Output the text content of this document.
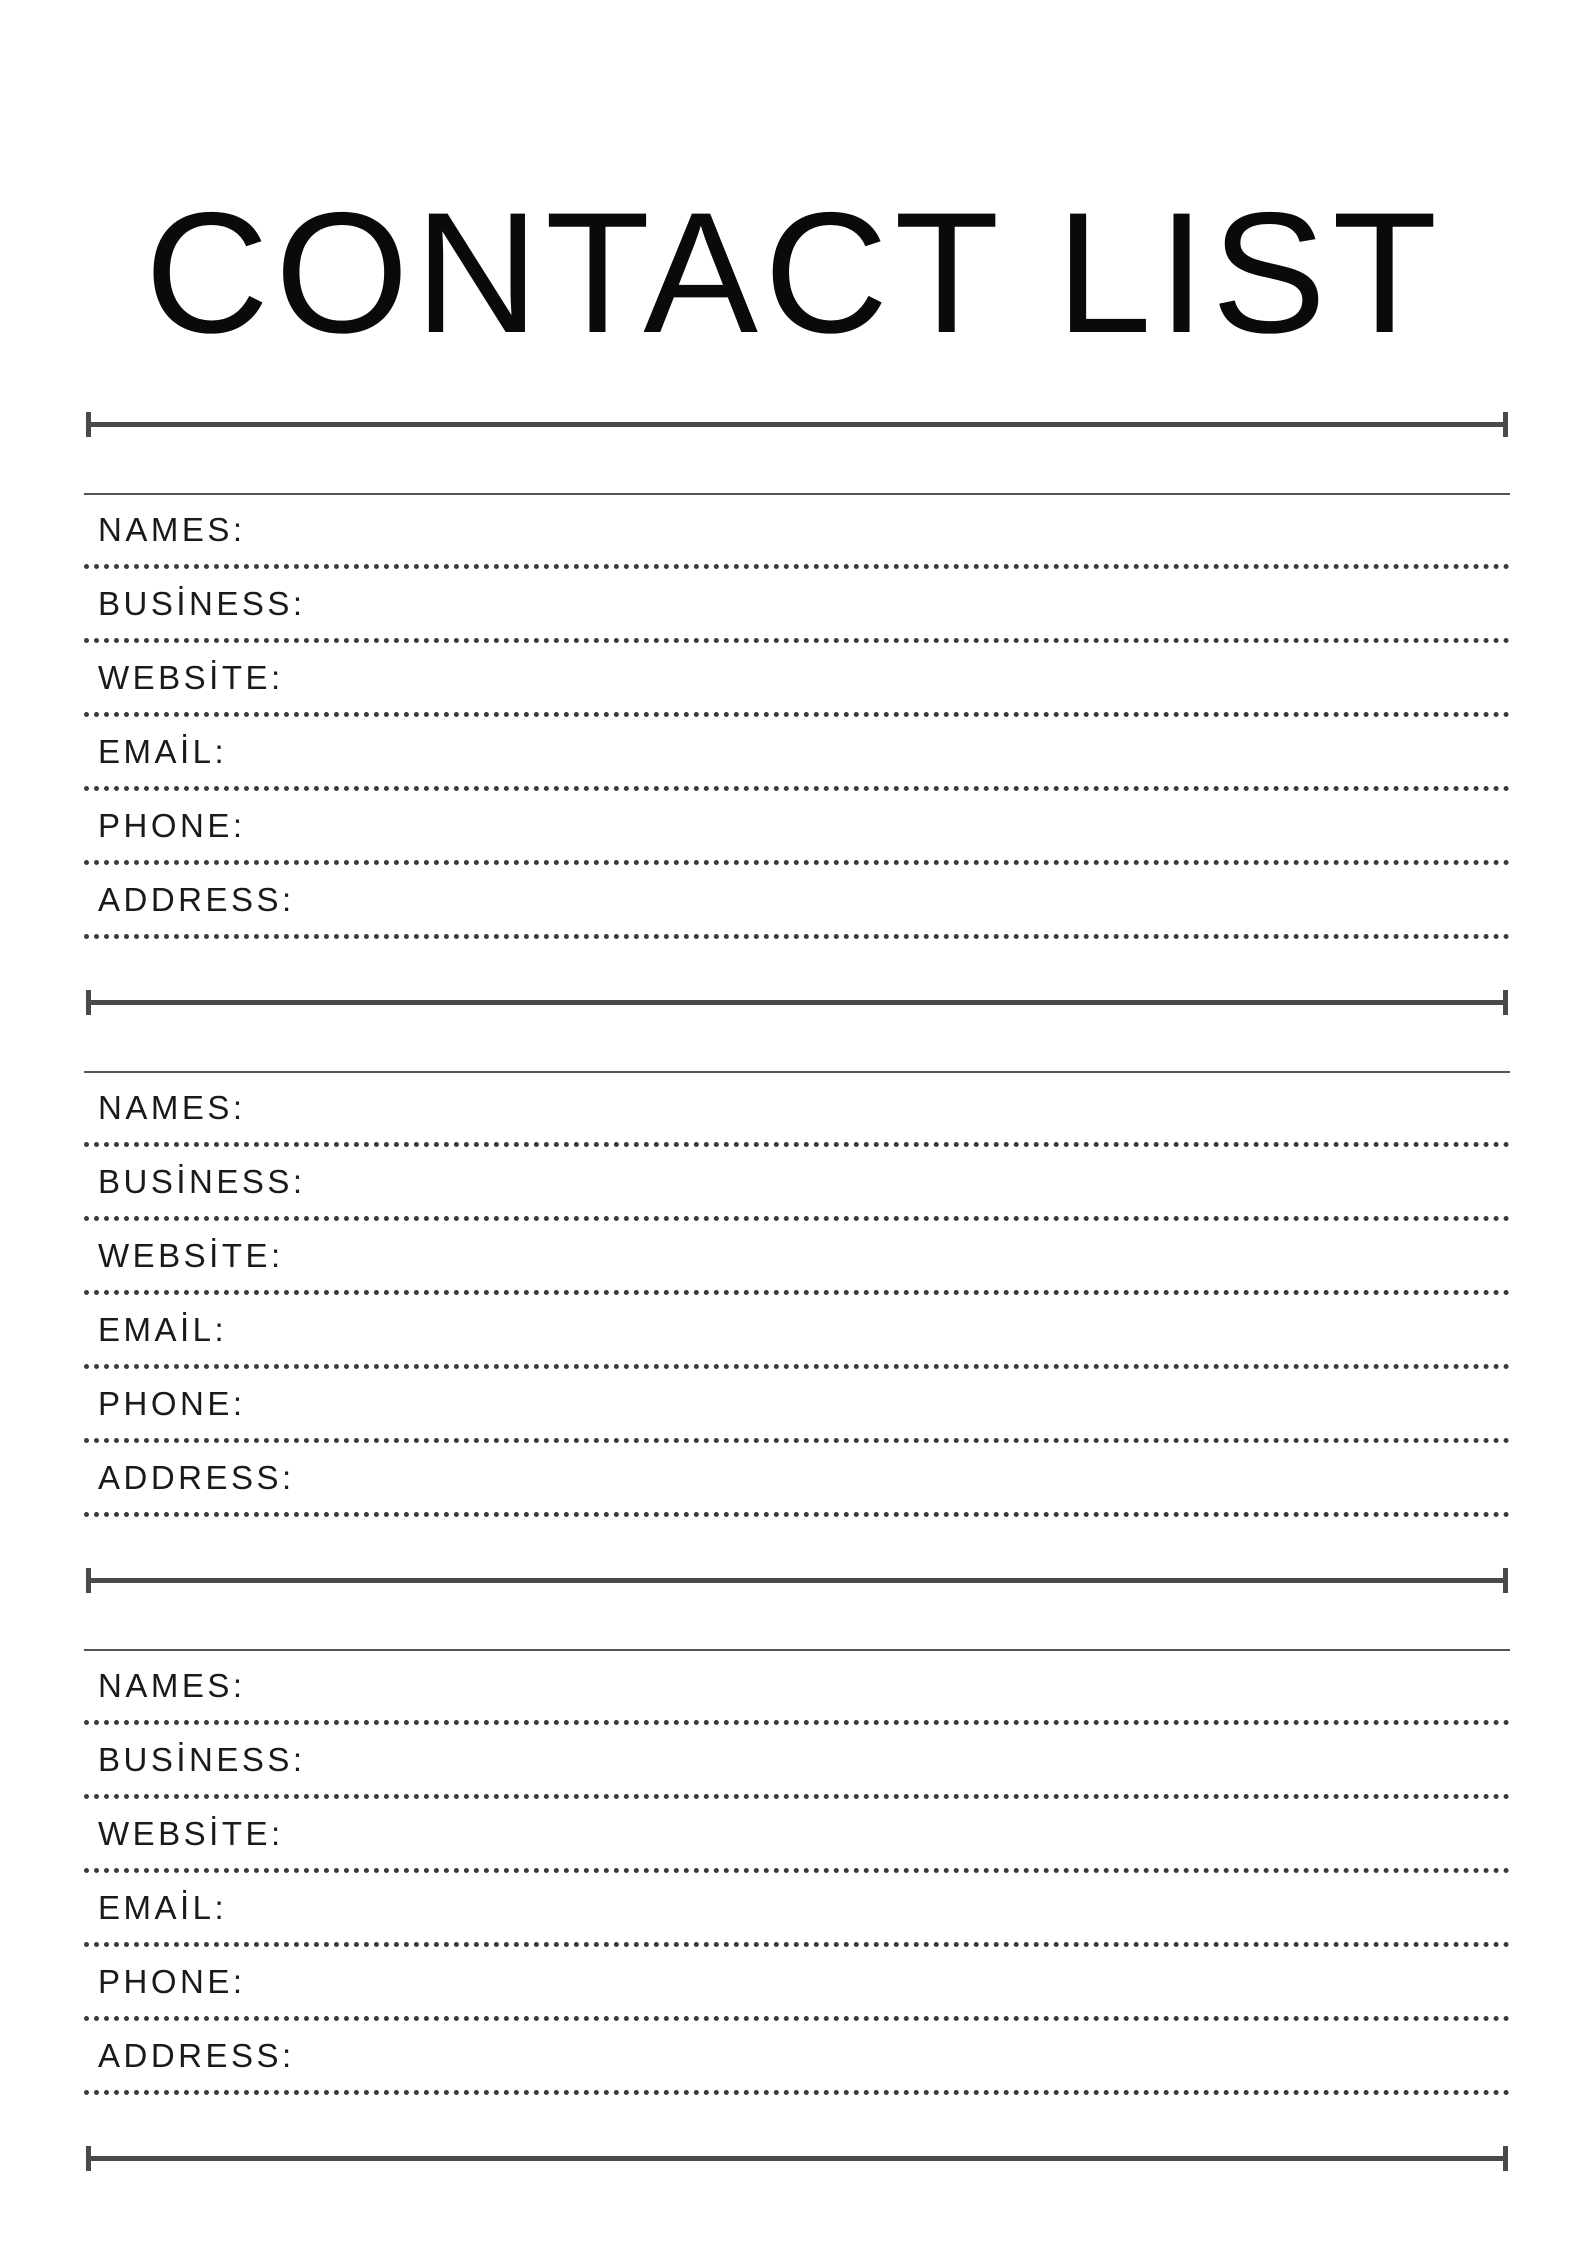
CONTACT LIST
NAMES:
BUSİNESS:
WEBSİTE:
EMAİL:
PHONE:
ADDRESS:
NAMES:
BUSİNESS:
WEBSİTE:
EMAİL:
PHONE:
ADDRESS:
NAMES:
BUSİNESS:
WEBSİTE:
EMAİL:
PHONE:
ADDRESS:
